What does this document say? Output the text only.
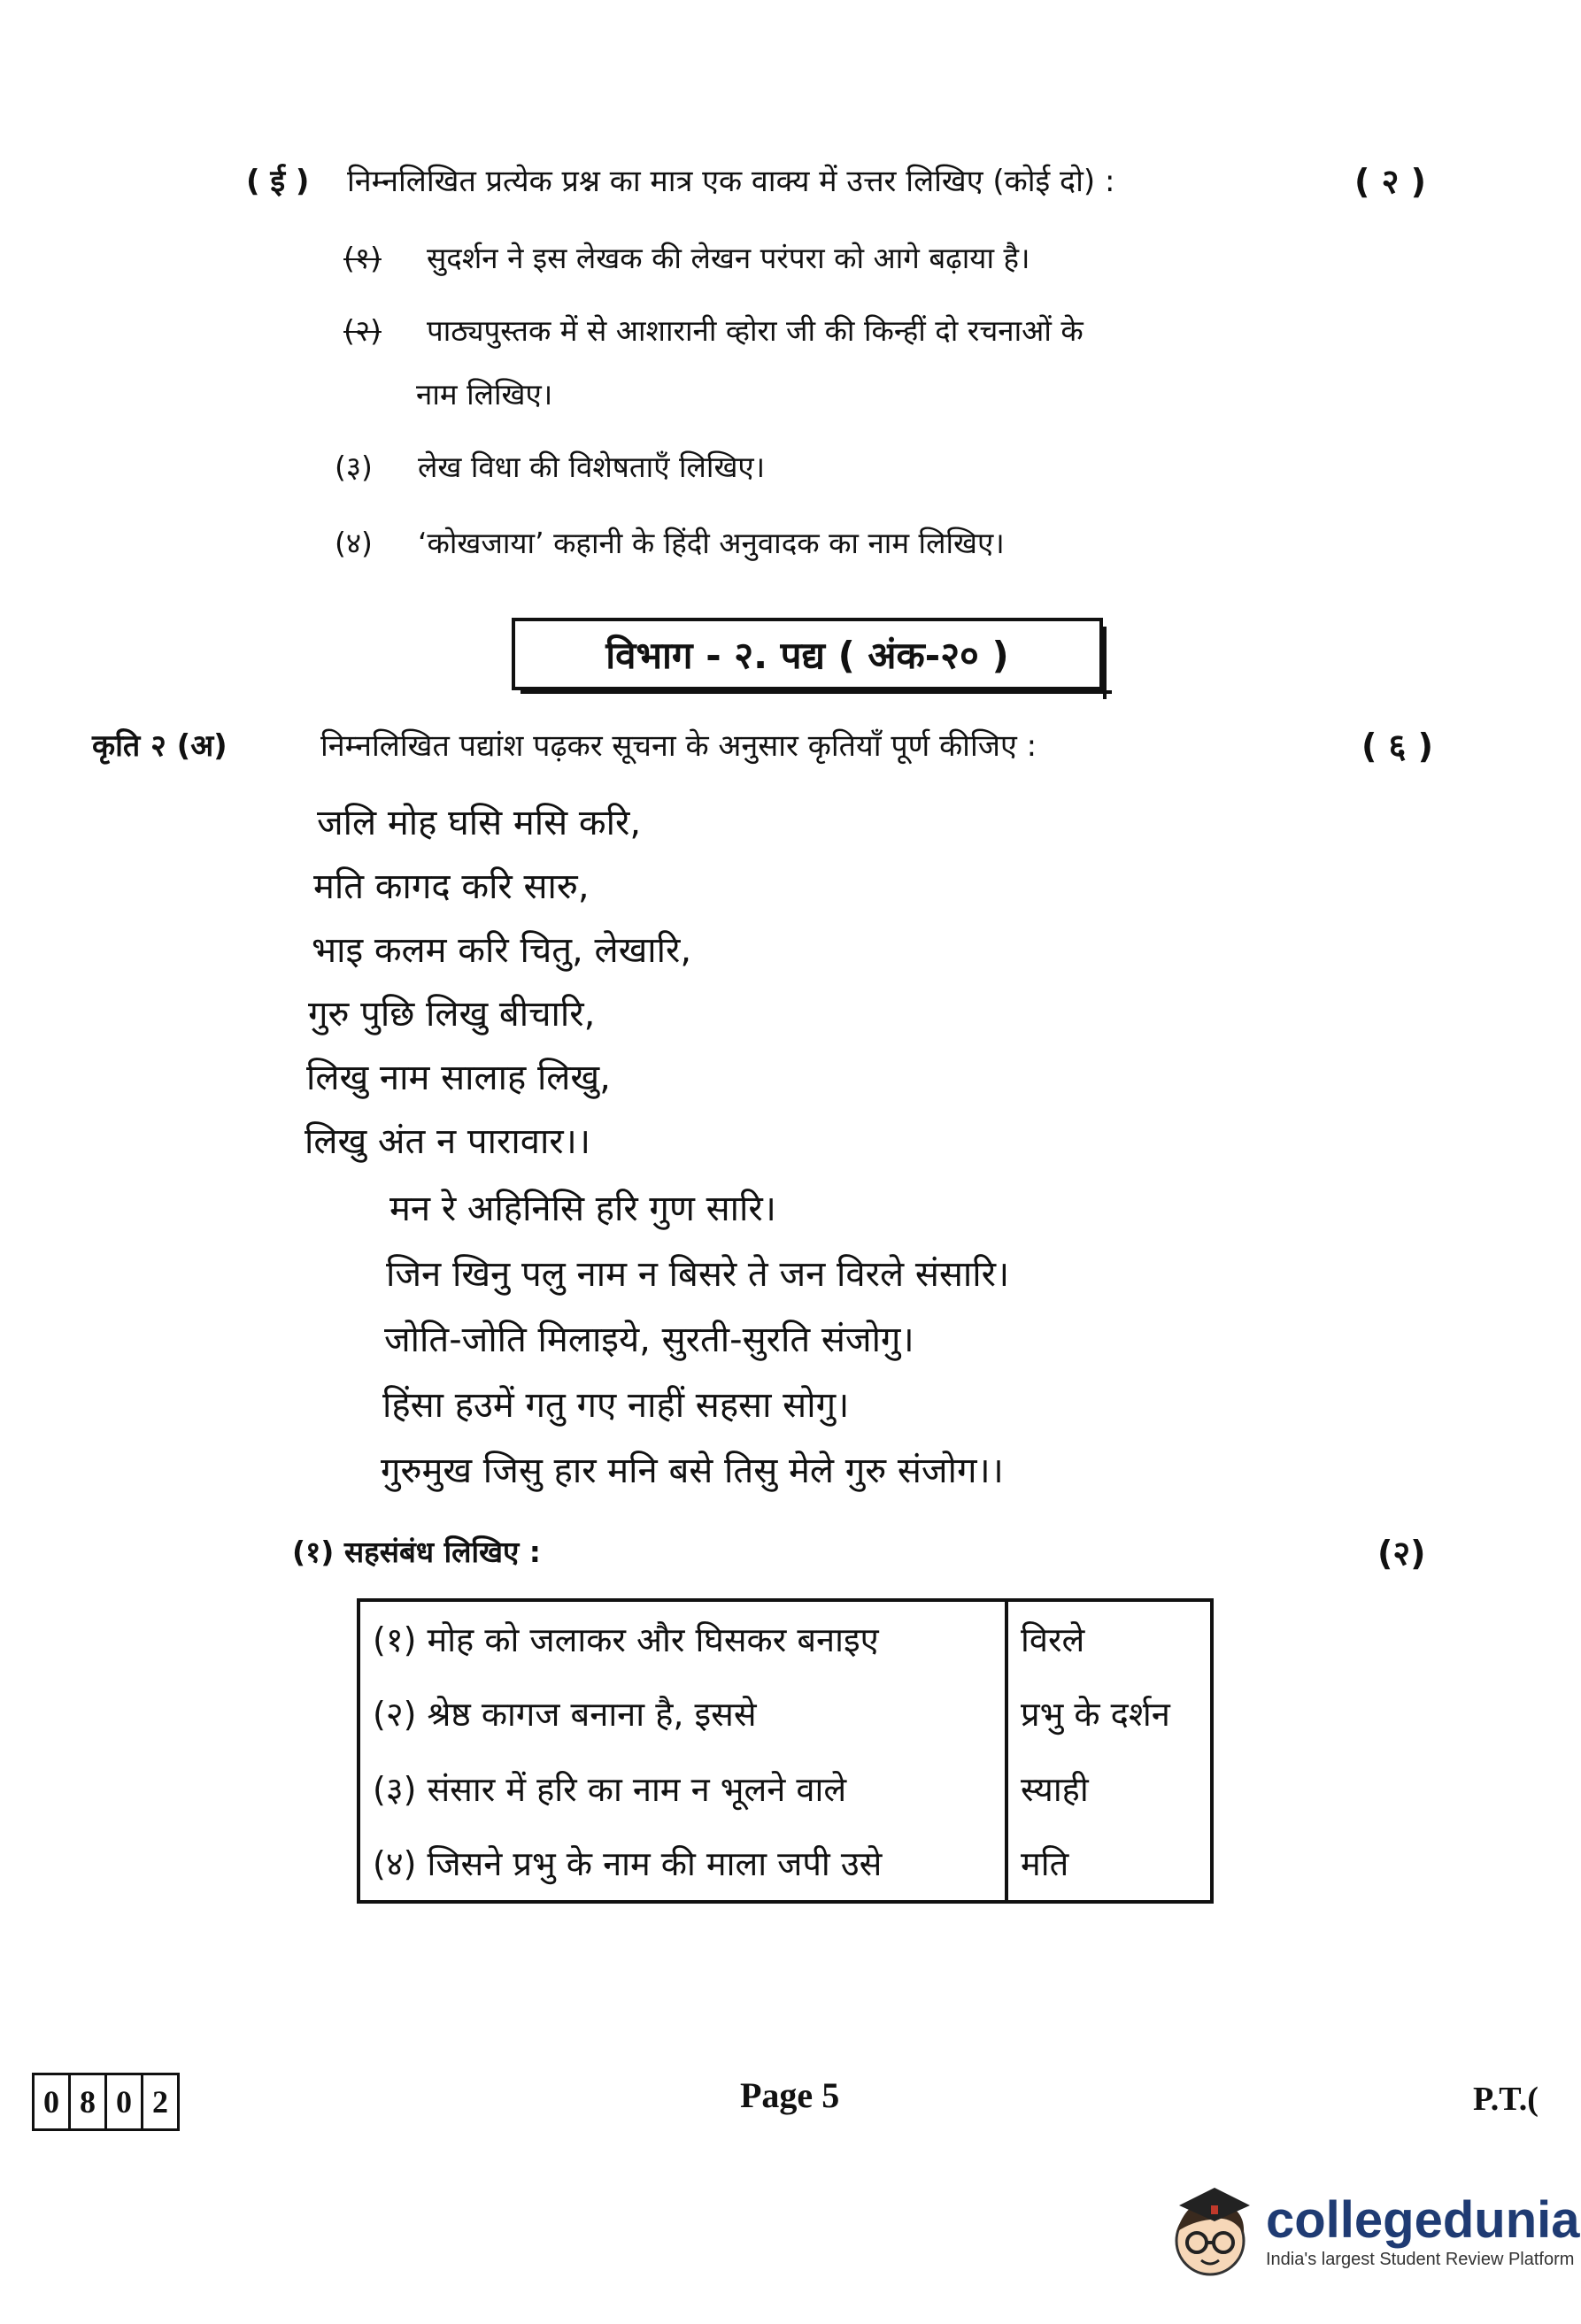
( ई ) निम्नलिखित प्रत्येक प्रश्न का मात्र एक वाक्य में उत्तर लिखिए (कोई दो) :	( २ )
(१) सुदर्शन ने इस लेखक की लेखन परंपरा को आगे बढ़ाया है।
(२) पाठ्यपुस्तक में से आशारानी व्होरा जी की किन्हीं दो रचनाओं के
नाम लिखिए।
(३) लेख विधा की विशेषताएँ लिखिए।
(४) ‘कोखजाया’ कहानी के हिंदी अनुवादक का नाम लिखिए।
विभाग - २. पद्य ( अंक-२० )
कृति २ (अ)	निम्नलिखित पद्यांश पढ़कर सूचना के अनुसार कृतियाँ पूर्ण कीजिए :	( ६ )
जलि मोह घसि मसि करि,
मति कागद करि सारु,
भाइ कलम करि चितु, लेखारि,
गुरु पुछि लिखु बीचारि,
लिखु नाम सालाह लिखु,
लिखु अंत न पारावार।।
मन रे अहिनिसि हरि गुण सारि।
जिन खिनु पलु नाम न बिसरे ते जन विरले संसारि।
जोति-जोति मिलाइये, सुरती-सुरति संजोगु।
हिंसा हउमें गतु गए नाहीं सहसा सोगु।
गुरुमुख जिसु हार मनि बसे तिसु मेले गुरु संजोग।।
(१) सहसंबंध लिखिए :	(२)
(१) मोह को जलाकर और घिसकर बनाइए	विरले
(२) श्रेष्ठ कागज बनाना है, इससे	प्रभु के दर्शन
(३) संसार में हरि का नाम न भूलने वाले	स्याही
(४) जिसने प्रभु के नाम की माला जपी उसे	मति
0 8 0 2	Page 5	P.T.(
collegedunia
India's largest Student Review Platform
